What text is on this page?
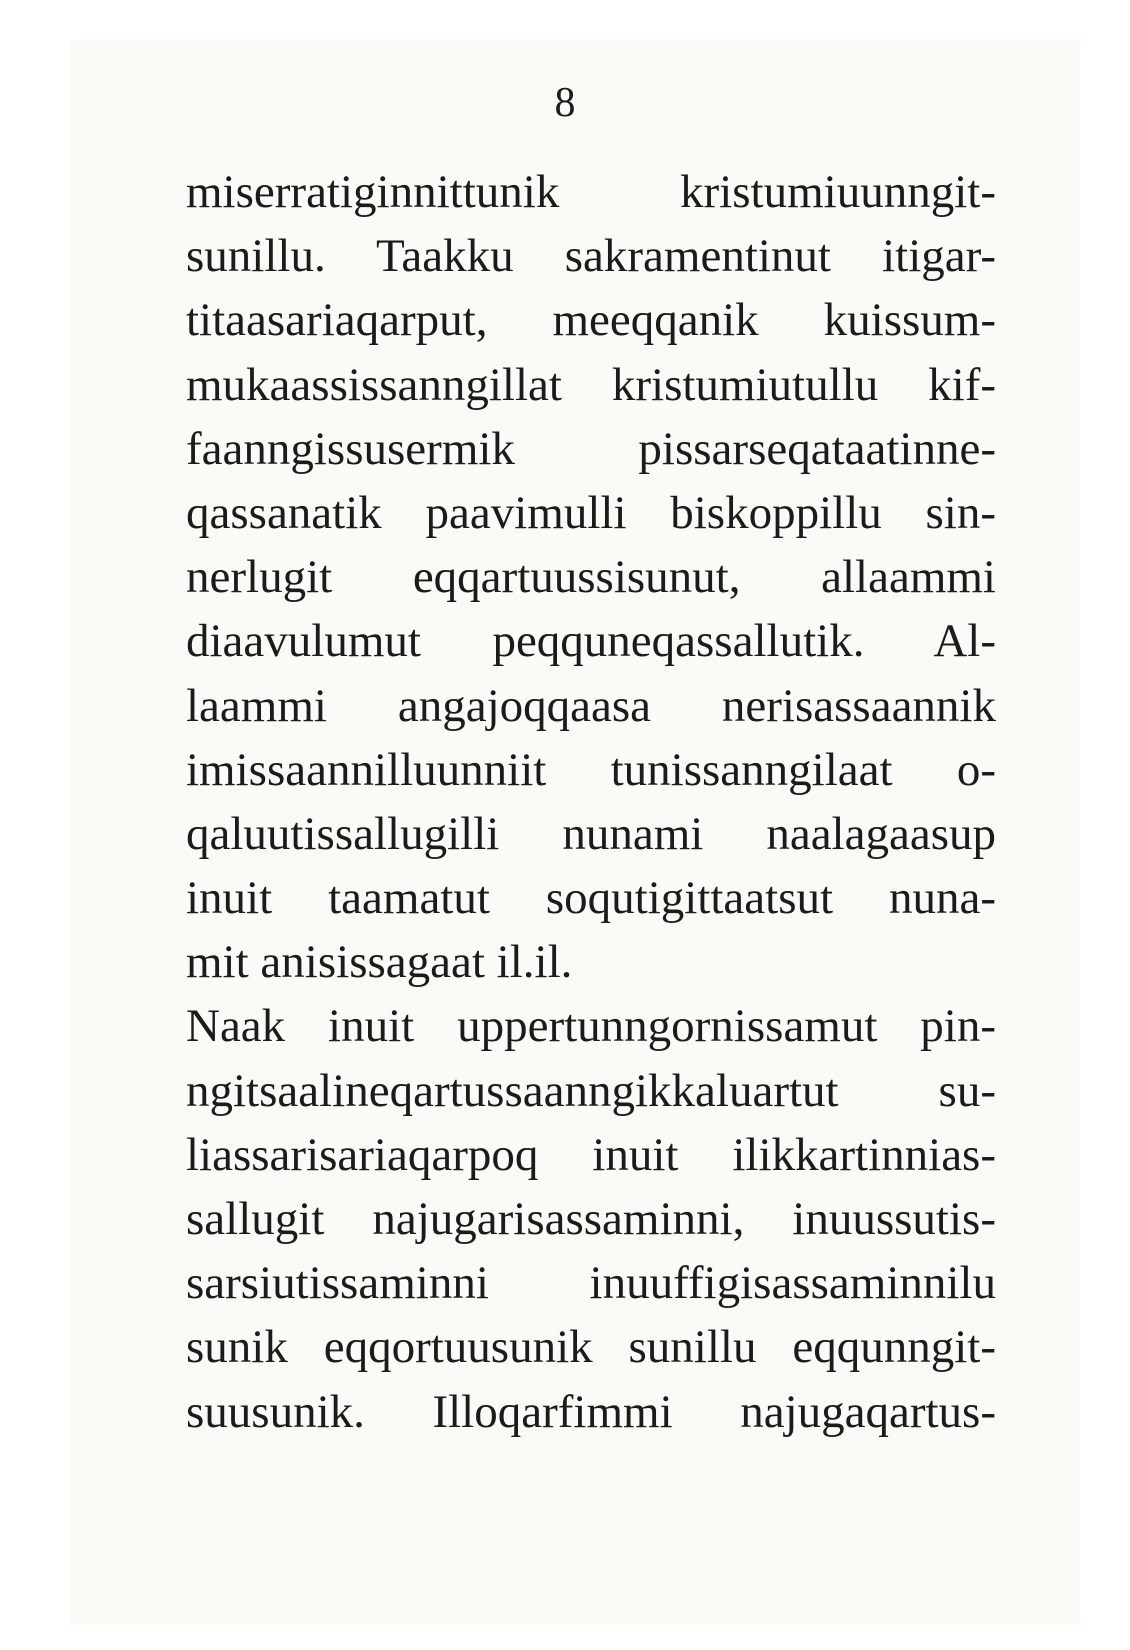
8
miserratiginnittunik kristumiuunngit-
sunillu. Taakku sakramentinut itigar-
titaasariaqarput, meeqqanik kuissum-
mukaassissanngillat kristumiutullu kif-
faanngissusermik pissarseqataatinne-
qassanatik paavimulli biskoppillu sin-
nerlugit eqqartuussisunut, allaammi
diaavulumut peqquneqassallutik. Al-
laammi angajoqqaasa nerisassaannik
imissaannilluunniit tunissanngilaat o-
qaluutissallugilli nunami naalagaasup
inuit taamatut soqutigittaatsut nuna-
mit anisissagaat il.il.
Naak inuit uppertunngornissamut pin-
ngitsaalineqartussaanngikkaluartut su-
liassarisariaqarpoq inuit ilikkartinnias-
sallugit najugarisassaminni, inuussutis-
sarsiutissaminni inuuffigisassaminnilu
sunik eqqortuusunik sunillu eqqunngit-
suusunik. Illoqarfimmi najugaqartus-
